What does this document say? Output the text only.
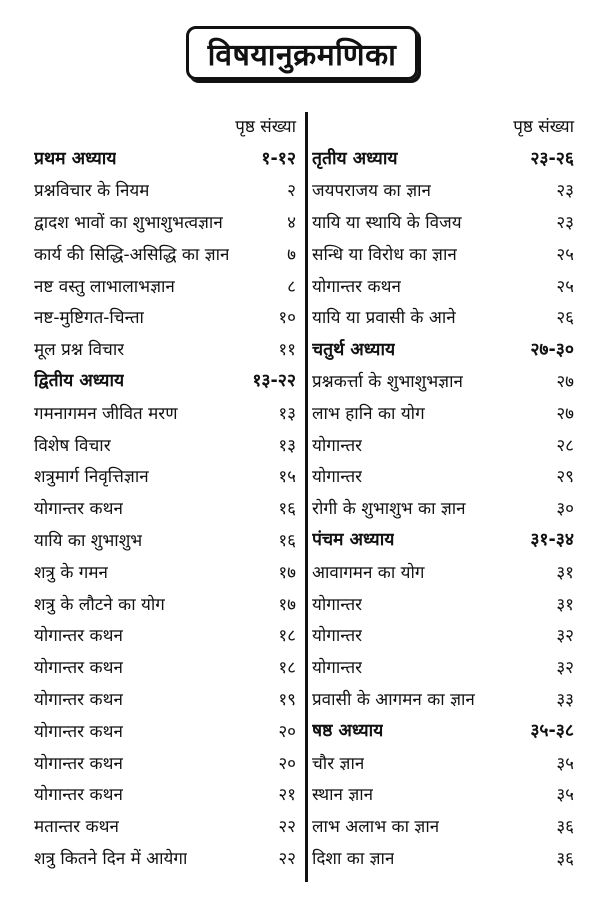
विषयानुक्रमणिका
पृष्ठ संख्या
प्रथम अध्याय	१-१२
प्रश्नविचार के नियम	२
द्वादश भावों का शुभाशुभत्वज्ञान	४
कार्य की सिद्धि-असिद्धि का ज्ञान	७
नष्ट वस्तु लाभालाभज्ञान	८
नष्ट-मुष्टिगत-चिन्ता	१०
मूल प्रश्न विचार	११
द्वितीय अध्याय	१३-२२
गमनागमन जीवित मरण	१३
विशेष विचार	१३
शत्रुमार्ग निवृत्तिज्ञान	१५
योगान्तर कथन	१६
यायि का शुभाशुभ	१६
शत्रु के गमन	१७
शत्रु के लौटने का योग	१७
योगान्तर कथन	१८
योगान्तर कथन	१८
योगान्तर कथन	१९
योगान्तर कथन	२०
योगान्तर कथन	२०
योगान्तर कथन	२१
मतान्तर कथन	२२
शत्रु कितने दिन में आयेगा	२२
पृष्ठ संख्या
तृतीय अध्याय	२३-२६
जयपराजय का ज्ञान	२३
यायि या स्थायि के विजय	२३
सन्धि या विरोध का ज्ञान	२५
योगान्तर कथन	२५
यायि या प्रवासी के आने	२६
चतुर्थ अध्याय	२७-३०
प्रश्नकर्त्ता के शुभाशुभज्ञान	२७
लाभ हानि का योग	२७
योगान्तर	२८
योगान्तर	२९
रोगी के शुभाशुभ का ज्ञान	३०
पंचम अध्याय	३१-३४
आवागमन का योग	३१
योगान्तर	३१
योगान्तर	३२
योगान्तर	३२
प्रवासी के आगमन का ज्ञान	३३
षष्ठ अध्याय	३५-३८
चौर ज्ञान	३५
स्थान ज्ञान	३५
लाभ अलाभ का ज्ञान	३६
दिशा का ज्ञान	३६
